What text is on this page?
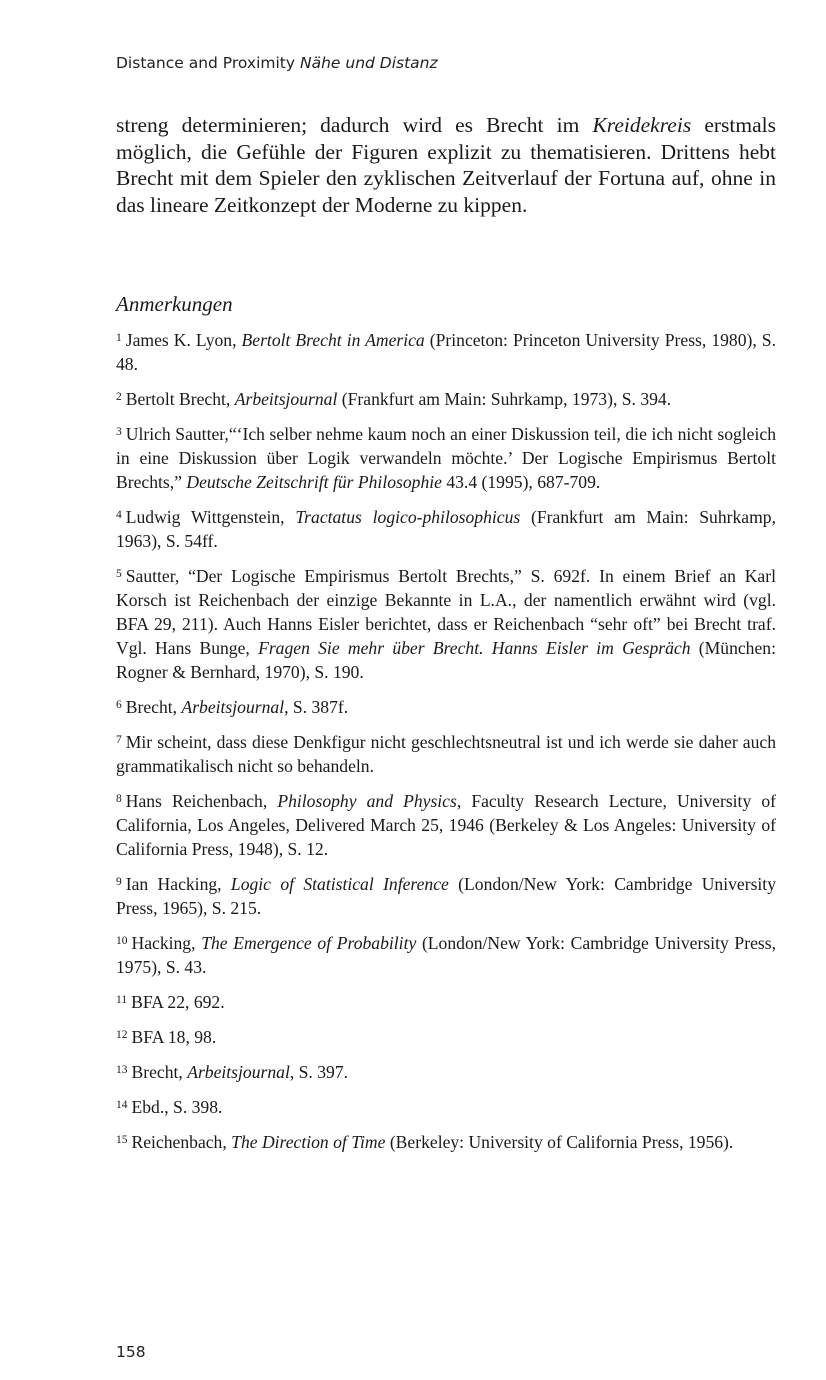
Distance and Proximity Nähe und Distanz

streng determinieren; dadurch wird es Brecht im Kreidekreis erstmals möglich, die Gefühle der Figuren explizit zu thematisieren. Drittens hebt Brecht mit dem Spieler den zyklischen Zeitverlauf der Fortuna auf, ohne in das lineare Zeitkonzept der Moderne zu kippen.

Anmerkungen

$^1$ James K. Lyon, Bertolt Brecht in America (Princeton: Princeton University Press, 1980), S. 48.

$^2$ Bertolt Brecht, Arbeitsjournal (Frankfurt am Main: Suhrkamp, 1973), S. 394.

$^3$ Ulrich Sautter,“‘Ich selber nehme kaum noch an einer Diskussion teil, die ich nicht sogleich in eine Diskussion über Logik verwandeln möchte.’ Der Logische Empirismus Bertolt Brechts,” Deutsche Zeitschrift für Philosophie 43.4 (1995), 687-709.

$^4$ Ludwig Wittgenstein, Tractatus logico-philosophicus (Frankfurt am Main: Suhrkamp, 1963), S. 54ff.

$^5$ Sautter, “Der Logische Empirismus Bertolt Brechts,” S. 692f. In einem Brief an Karl Korsch ist Reichenbach der einzige Bekannte in L.A., der namentlich erwähnt wird (vgl. BFA 29, 211). Auch Hanns Eisler berichtet, dass er Reichenbach “sehr oft” bei Brecht traf. Vgl. Hans Bunge, Fragen Sie mehr über Brecht. Hanns Eisler im Gespräch (München: Rogner & Bernhard, 1970), S. 190.

$^6$ Brecht, Arbeitsjournal, S. 387f.

$^7$ Mir scheint, dass diese Denkfigur nicht geschlechtsneutral ist und ich werde sie daher auch grammatikalisch nicht so behandeln.

$^8$ Hans Reichenbach, Philosophy and Physics, Faculty Research Lecture, University of California, Los Angeles, Delivered March 25, 1946 (Berkeley & Los Angeles: University of California Press, 1948), S. 12.

$^9$ Ian Hacking, Logic of Statistical Inference (London/New York: Cambridge University Press, 1965), S. 215.

$^{10}$ Hacking, The Emergence of Probability (London/New York: Cambridge University Press, 1975), S. 43.

$^{11}$ BFA 22, 692.

$^{12}$ BFA 18, 98.

$^{13}$ Brecht, Arbeitsjournal, S. 397.

$^{14}$ Ebd., S. 398.

$^{15}$ Reichenbach, The Direction of Time (Berkeley: University of California Press, 1956).

158
